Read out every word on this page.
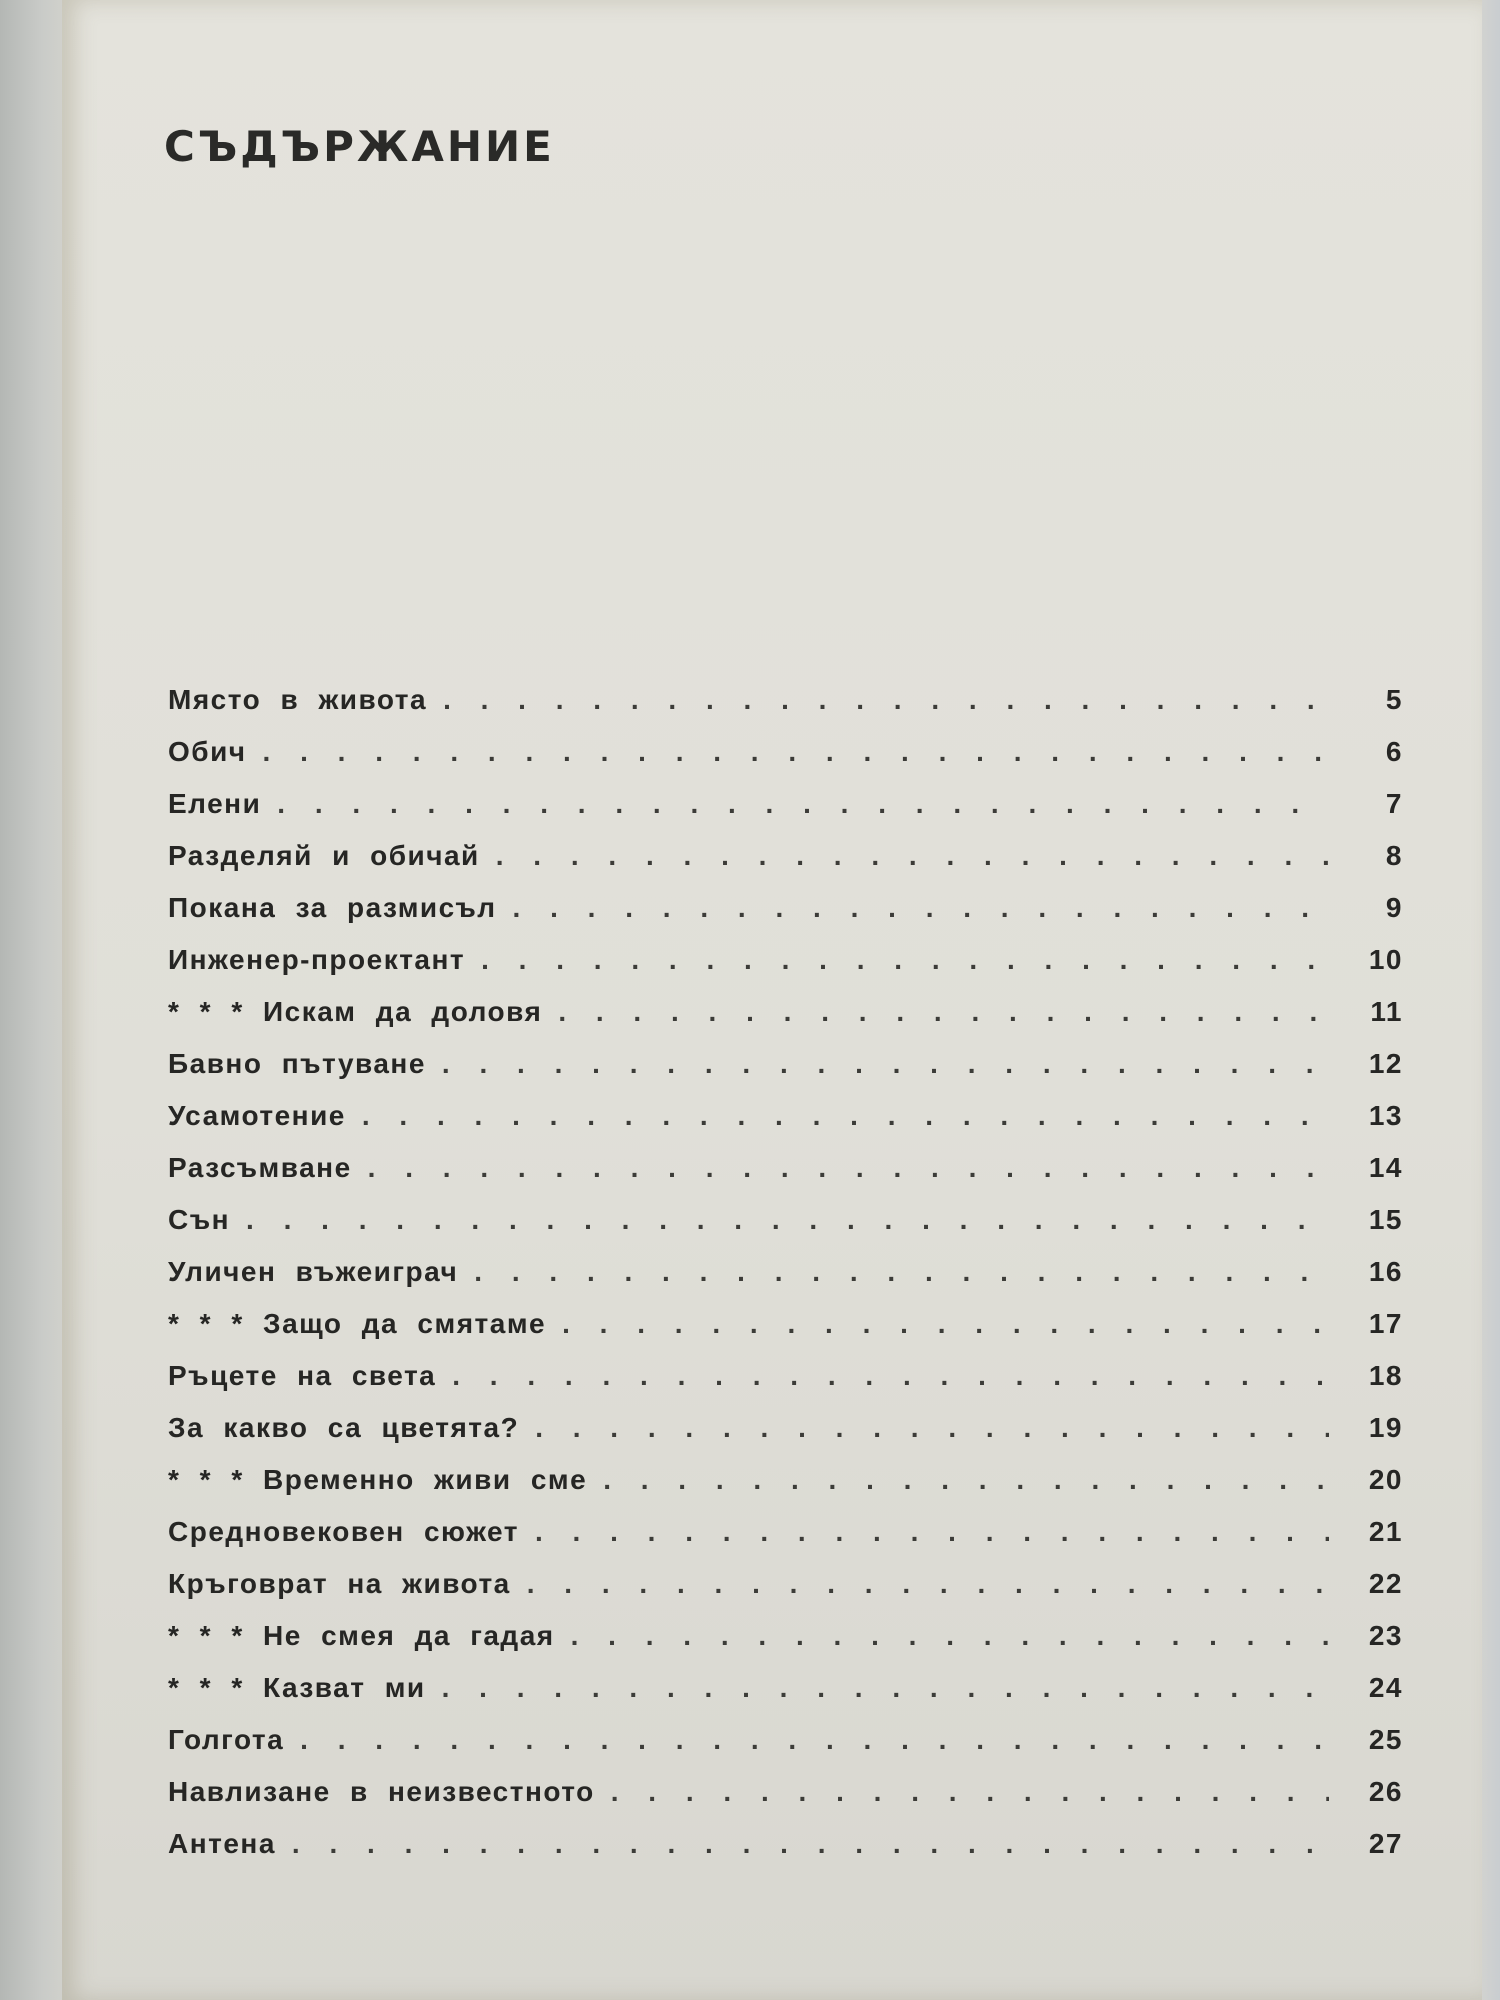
СЪДЪРЖАНИЕ
Място в живота . . .	5
Обич . . .	6
Елени . . .	7
Разделяй и обичай . . .	8
Покана за размисъл . . .	9
Инженер-проектант . . .	10
* * * Искам да доловя . . .	11
Бавно пътуване . . .	12
Усамотение . . .	13
Разсъмване . . .	14
Сън . . .	15
Уличен въжеиграч . . .	16
* * * Защо да смятаме . . .	17
Ръцете на света . . .	18
За какво са цветята? . . .	19
* * * Временно живи сме . . .	20
Средновековен сюжет . . .	21
Кръговрат на живота . . .	22
* * * Не смея да гадая . . .	23
* * * Казват ми . . .	24
Голгота . . .	25
Навлизане в неизвестното . . .	26
Антена . . .	27
